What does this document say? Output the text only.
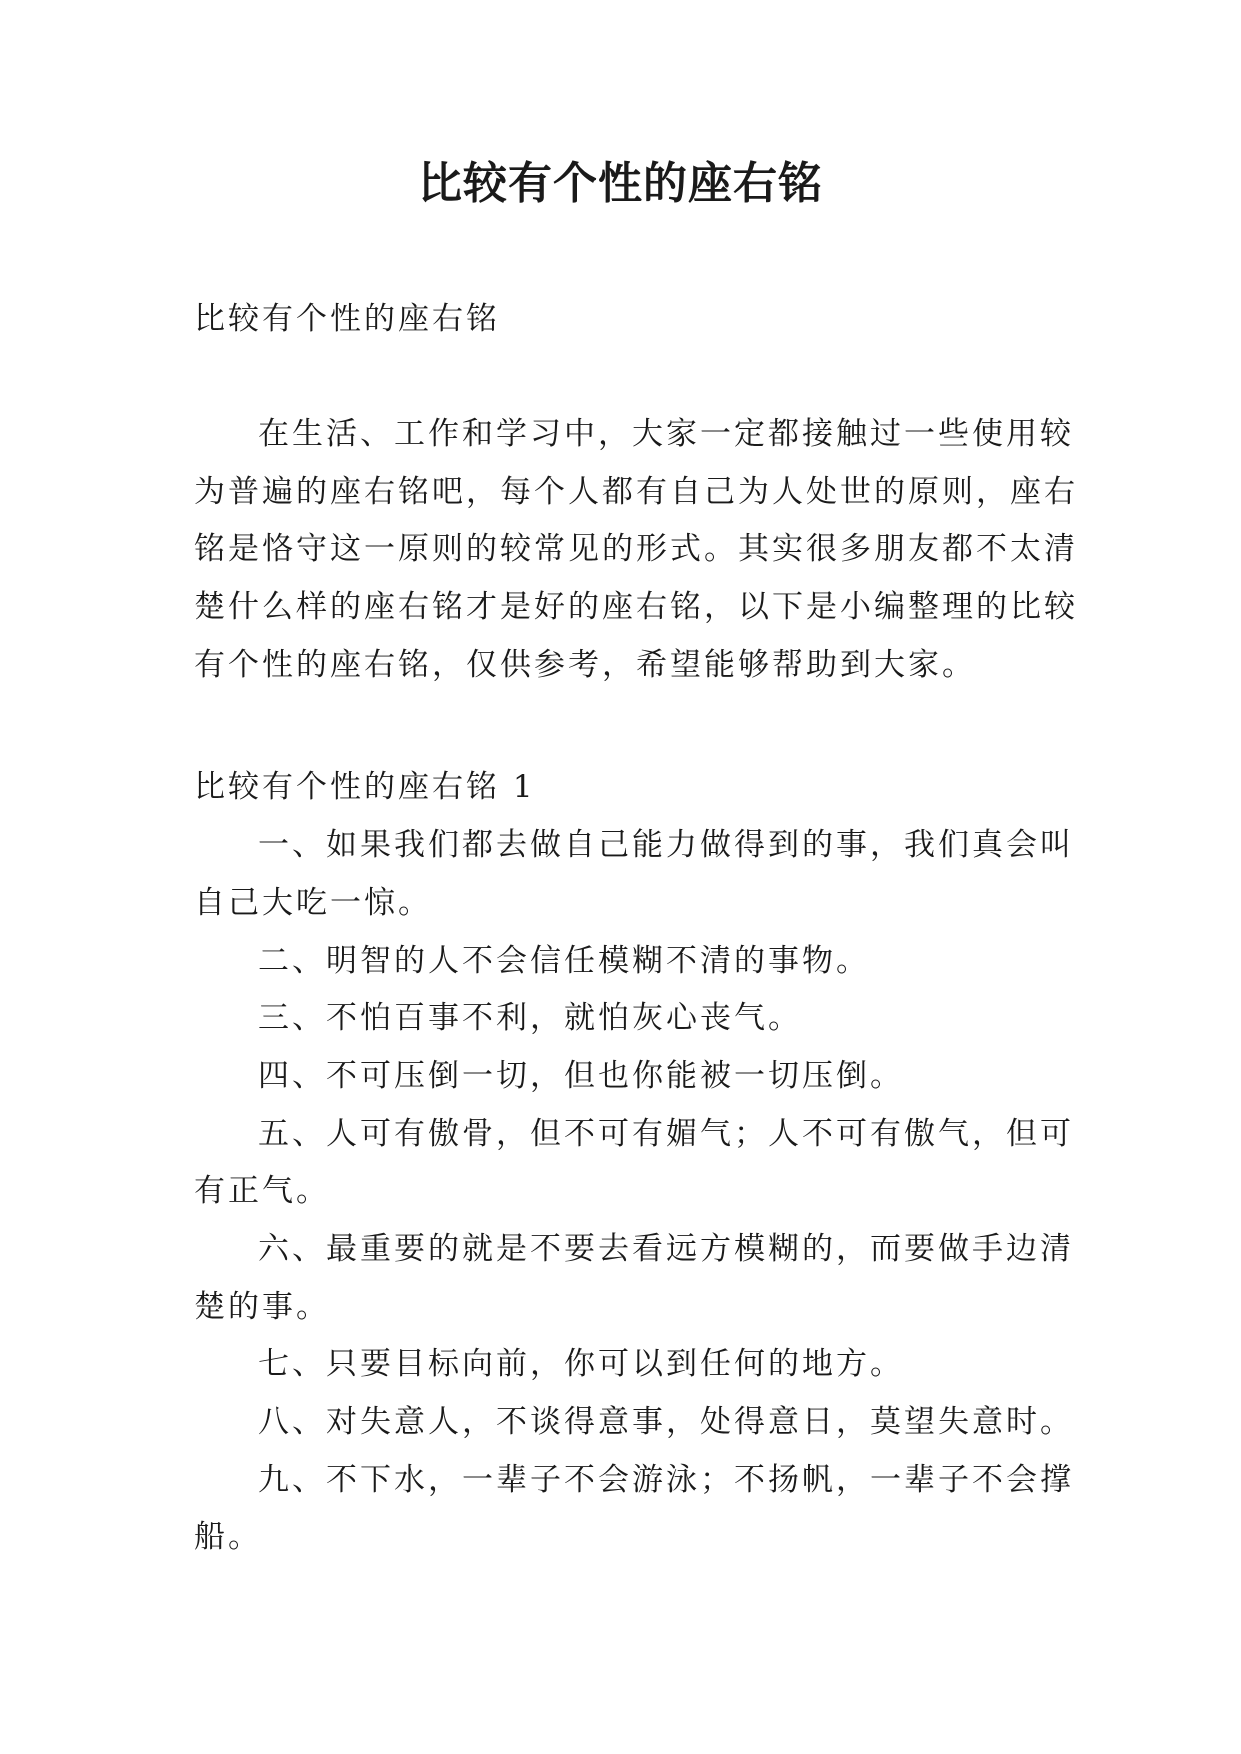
比较有个性的座右铭
比较有个性的座右铭
在生活、工作和学习中，大家一定都接触过一些使用较
为普遍的座右铭吧，每个人都有自己为人处世的原则，座右
铭是恪守这一原则的较常见的形式。其实很多朋友都不太清
楚什么样的座右铭才是好的座右铭，以下是小编整理的比较
有个性的座右铭，仅供参考，希望能够帮助到大家。
比较有个性的座右铭 1
一、如果我们都去做自己能力做得到的事，我们真会叫
自己大吃一惊。
二、明智的人不会信任模糊不清的事物。
三、不怕百事不利，就怕灰心丧气。
四、不可压倒一切，但也你能被一切压倒。
五、人可有傲骨，但不可有媚气；人不可有傲气，但可
有正气。
六、最重要的就是不要去看远方模糊的，而要做手边清
楚的事。
七、只要目标向前，你可以到任何的地方。
八、对失意人，不谈得意事，处得意日，莫望失意时。
九、不下水，一辈子不会游泳；不扬帆，一辈子不会撑
船。
